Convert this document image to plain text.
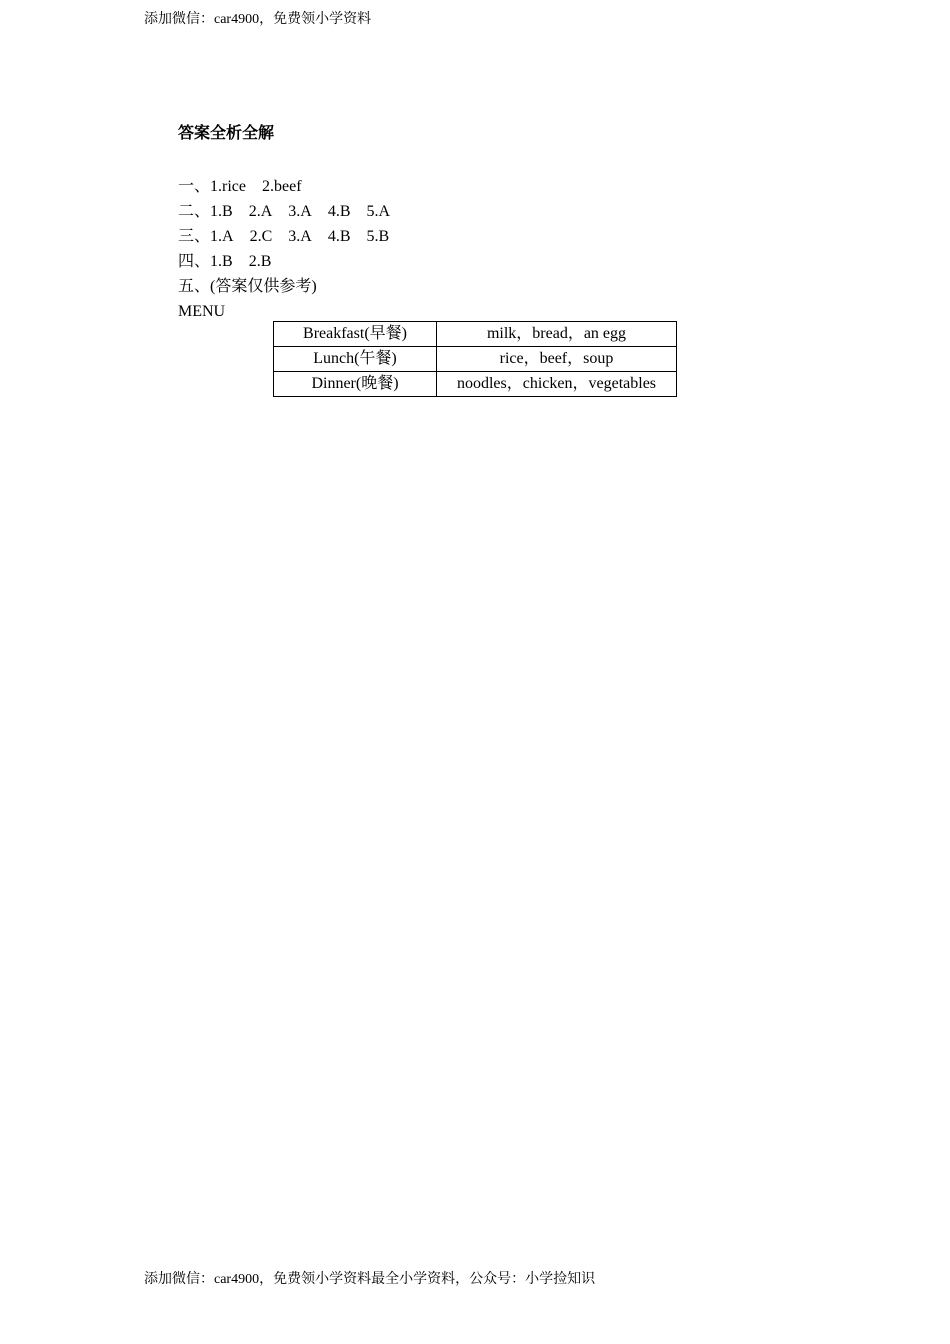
添加微信：car4900，免费领小学资料
答案全析全解
一、1.rice 2.beef
二、1.B 2.A 3.A 4.B 5.A
三、1.A 2.C 3.A 4.B 5.B
四、1.B 2.B
五、(答案仅供参考)
MENU
Breakfast(早餐)	milk，bread，an egg
Lunch(午餐)	rice，beef，soup
Dinner(晚餐)	noodles，chicken，vegetables
添加微信：car4900，免费领小学资料最全小学资料，公众号：小学捡知识
